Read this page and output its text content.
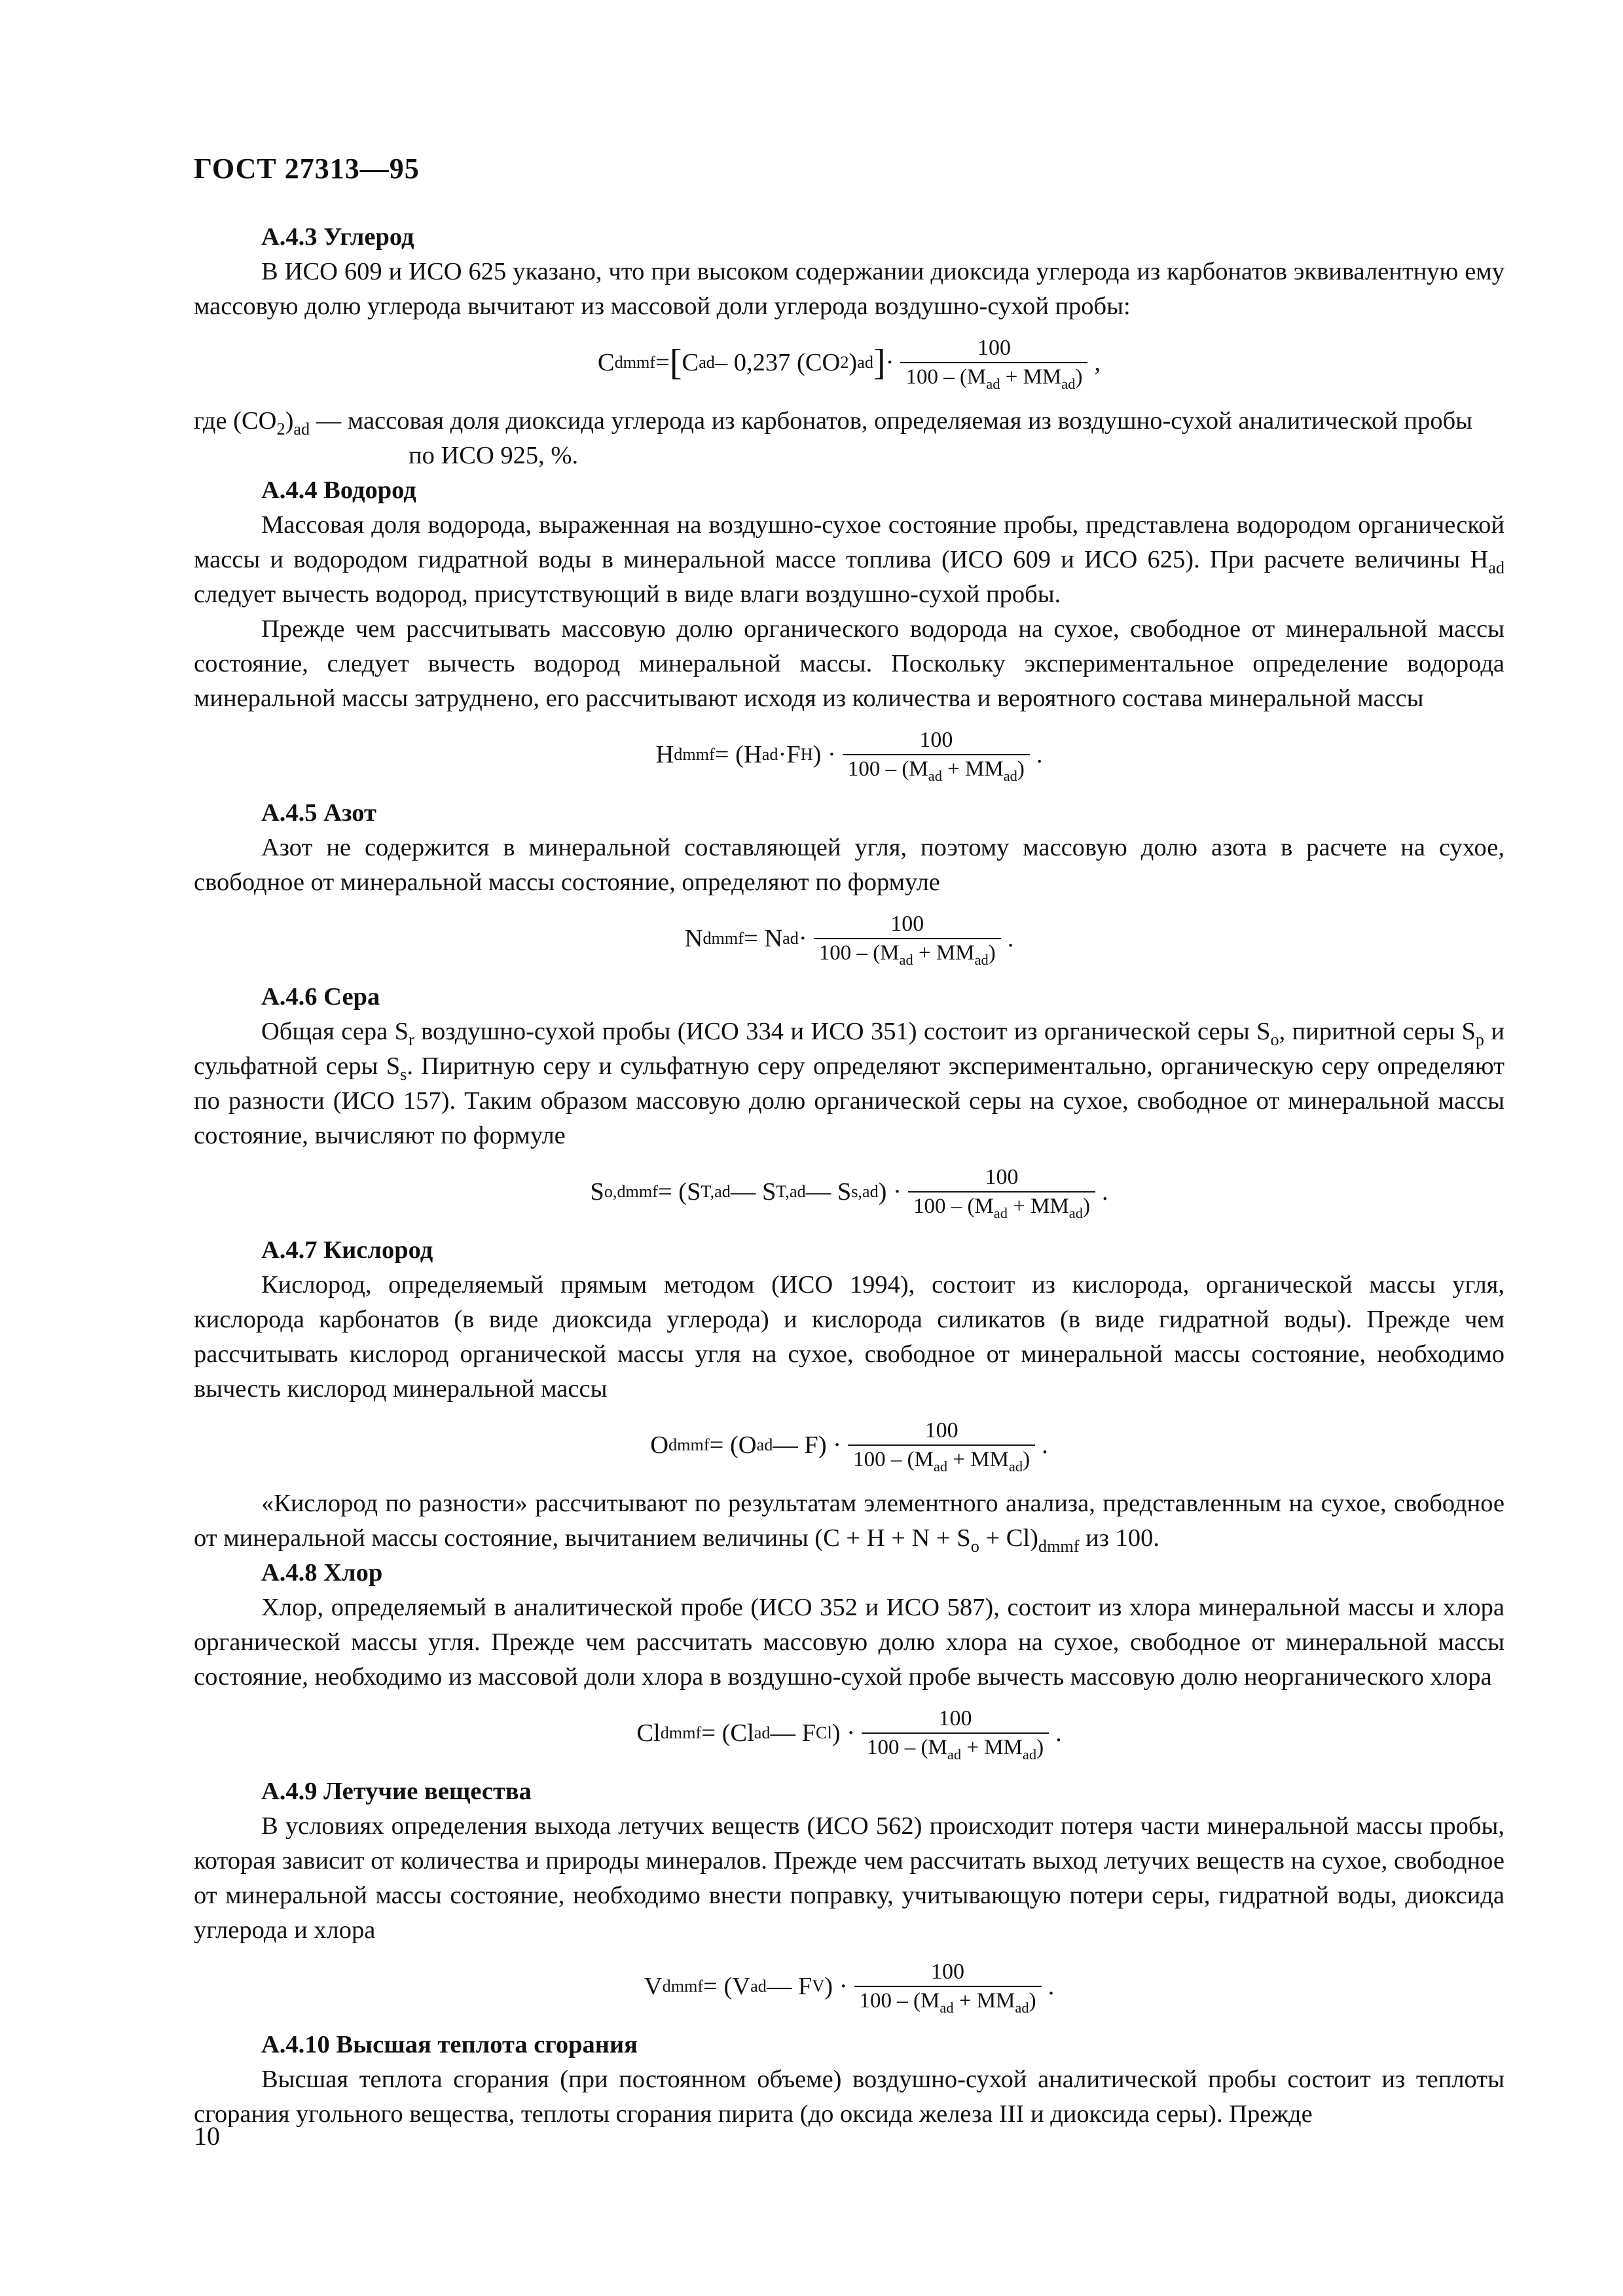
ГОСТ 27313—95

А.4.3 Углерод

В ИСО 609 и ИСО 625 указано, что при высоком содержании диоксида углерода из карбонатов эквивалентную ему массовую долю углерода вычитают из массовой доли углерода воздушно-сухой пробы:

C dmmf = [ C ad – 0,237 (CO 2 ) ad ] · $\frac{100}{100 - (M_{ad} + MM_{ad})}$ ,

где $(CO_2)_{ad}$ — массовая доля диоксида углерода из карбонатов, определяемая из воздушно-сухой аналитической пробы по ИСО 925, %.

А.4.4 Водород

Массовая доля водорода, выраженная на воздушно-сухое состояние пробы, представлена водородом органической массы и водородом гидратной воды в минеральной массе топлива (ИСО 609 и ИСО 625). При расчете величины $H_{ad}$ следует вычесть водород, присутствующий в виде влаги воздушно-сухой пробы.

Прежде чем рассчитывать массовую долю органического водорода на сухое, свободное от минеральной массы состояние, следует вычесть водород минеральной массы. Поскольку экспериментальное определение водорода минеральной массы затруднено, его рассчитывают исходя из количества и вероятного состава минеральной массы

H dmmf = (H ad ·F H ) · $\frac{100}{100 - (M_{ad} + MM_{ad})}$ .

А.4.5 Азот

Азот не содержится в минеральной составляющей угля, поэтому массовую долю азота в расчете на сухое, свободное от минеральной массы состояние, определяют по формуле

N dmmf = N ad · $\frac{100}{100 - (M_{ad} + MM_{ad})}$ .

А.4.6 Сера

Общая сера $S_r$ воздушно-сухой пробы (ИСО 334 и ИСО 351) состоит из органической серы $S_o$, пиритной серы $S_p$ и сульфатной серы $S_s$. Пиритную серу и сульфатную серу определяют экспериментально, органическую серу определяют по разности (ИСО 157). Таким образом массовую долю органической серы на сухое, свободное от минеральной массы состояние, вычисляют по формуле

S o,dmmf = (S T,ad — S T,ad — S s,ad ) · $\frac{100}{100 - (M_{ad} + MM_{ad})}$ .

А.4.7 Кислород

Кислород, определяемый прямым методом (ИСО 1994), состоит из кислорода, органической массы угля, кислорода карбонатов (в виде диоксида углерода) и кислорода силикатов (в виде гидратной воды). Прежде чем рассчитывать кислород органической массы угля на сухое, свободное от минеральной массы состояние, необходимо вычесть кислород минеральной массы

O dmmf = (O ad — $F) \cdot \frac{100}{100 - (M_{ad} + MM_{ad})}$ .

«Кислород по разности» рассчитывают по результатам элементного анализа, представленным на сухое, свободное от минеральной массы состояние, вычитанием величины $(C + H + N + S_o + Cl)_{dmmf}$ из 100.

А.4.8 Хлор

Хлор, определяемый в аналитической пробе (ИСО 352 и ИСО 587), состоит из хлора минеральной массы и хлора органической массы угля. Прежде чем рассчитать массовую долю хлора на сухое, свободное от минеральной массы состояние, необходимо из массовой доли хлора в воздушно-сухой пробе вычесть массовую долю неорганического хлора

Cl dmmf = (Cl ad — F Cl ) · $\frac{100}{100 - (M_{ad} + MM_{ad})}$ .

А.4.9 Летучие вещества

В условиях определения выхода летучих веществ (ИСО 562) происходит потеря части минеральной массы пробы, которая зависит от количества и природы минералов. Прежде чем рассчитать выход летучих веществ на сухое, свободное от минеральной массы состояние, необходимо внести поправку, учитывающую потери серы, гидратной воды, диоксида углерода и хлора

V dmmf = (V ad — F V ) · $\frac{100}{100 - (M_{ad} + MM_{ad})}$ .

А.4.10 Высшая теплота сгорания

Высшая теплота сгорания (при постоянном объеме) воздушно-сухой аналитической пробы состоит из теплоты сгорания угольного вещества, теплоты сгорания пирита (до оксида железа III и диоксида серы). Прежде

10
